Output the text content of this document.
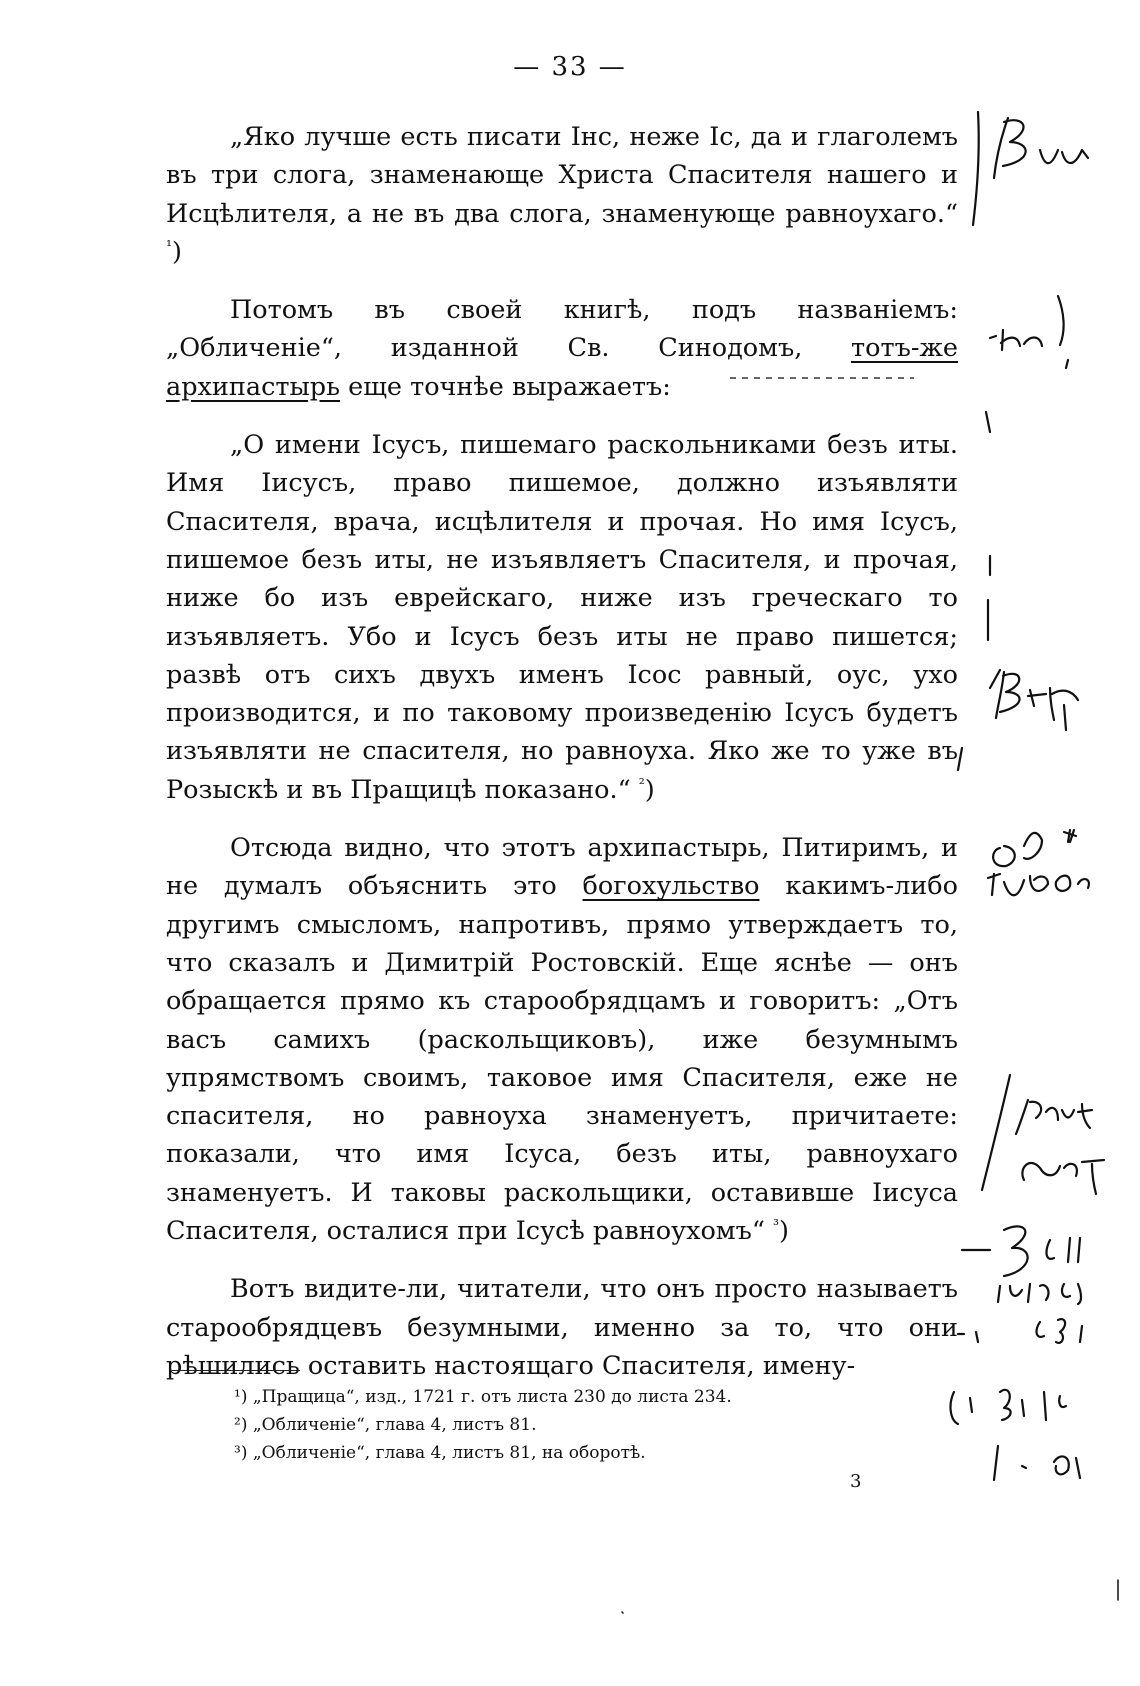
— 33 —

„Яко лучше есть писати Інс, неже Іс, да и глаголемъ въ три слога, знаменающе Христа Спасителя нашего и Исцѣлителя, а не въ два слога, знаменующе равноухаго.“ $^{^1}$)

Потомъ въ своей книгѣ, подъ названіемъ: „Обличеніе“, изданной Св. Синодомъ, тотъ-же архипастырь еще точнѣе выражаетъ:

„О имени Ісусъ, пишемаго раскольниками безъ иты. Имя Іисусъ, право пишемое, должно изъявляти Спасителя, врача, исцѣлителя и прочая. Но имя Ісусъ, пишемое безъ иты, не изъявляетъ Спасителя, и прочая, ниже бо изъ еврейскаго, ниже изъ греческаго то изъявляетъ. Убо и Ісусъ безъ иты не право пишется; развѣ отъ сихъ двухъ именъ Ісос равный, оус, ухо производится, и по таковому произведенію Ісусъ будетъ изъявляти не спасителя, но равноуха. Яко же то уже въ Розыскѣ и въ Пращицѣ показано.“ $^{^2}$)

Отсюда видно, что этотъ архипастырь, Питиримъ, и не думалъ объяснить это богохульство какимъ-либо другимъ смысломъ, напротивъ, прямо утверждаетъ то, что сказалъ и Димитрій Ростовскій. Еще яснѣе — онъ обращается прямо къ старообрядцамъ и говоритъ: „Отъ васъ самихъ (раскольщиковъ), иже безумнымъ упрямствомъ своимъ, таковое имя Спасителя, еже не спасителя, но равноуха знаменуетъ, причитаете: показали, что имя Ісуса, безъ иты, равноухаго знаменуетъ. И таковы раскольщики, оставивше Іисуса Спасителя, осталися при Ісусѣ равноухомъ“ $^{^3}$)

Вотъ видите-ли, читатели, что онъ просто называетъ старообрядцевъ безумными, именно за то, что они рѣшились оставить настоящаго Спасителя, имену-

¹) „Пращица“, изд., 1721 г. отъ листа 230 до листа 234.
²) „Обличеніе“, глава 4, листъ 81.
³) „Обличеніе“, глава 4, листъ 81, на оборотѣ.
3
